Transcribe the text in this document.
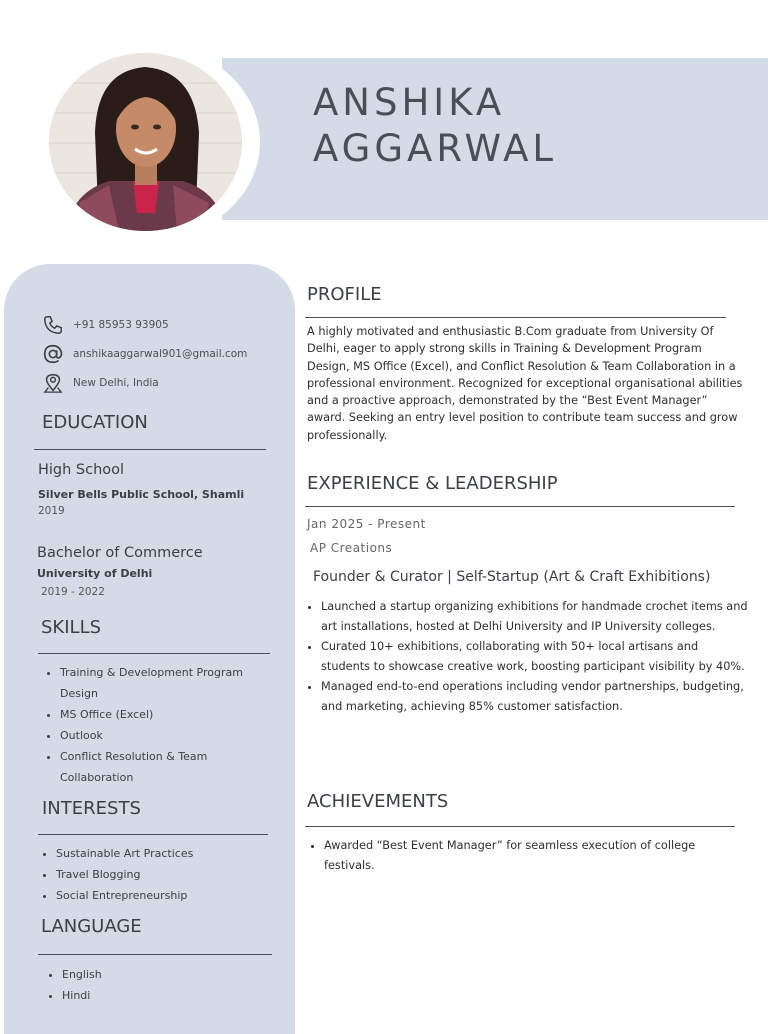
ANSHIKA
AGGARWAL
+91 85953 93905
anshikaaggarwal901@gmail.com
New Delhi, India
EDUCATION
High School
Silver Bells Public School, Shamli
2019
Bachelor of Commerce
University of Delhi
2019 - 2022
SKILLS
• Training & Development Program Design
• MS Office (Excel)
• Outlook
• Conflict Resolution & Team Collaboration
INTERESTS
• Sustainable Art Practices
• Travel Blogging
• Social Entrepreneurship
LANGUAGE
• English
• Hindi
PROFILE

A highly motivated and enthusiastic B.Com graduate from University Of Delhi, eager to apply strong skills in Training & Development Program Design, MS Office (Excel), and Conflict Resolution & Team Collaboration in a professional environment. Recognized for exceptional organisational abilities and a proactive approach, demonstrated by the “Best Event Manager” award. Seeking an entry level position to contribute team success and grow professionally.

EXPERIENCE & LEADERSHIP
Jan 2025 - Present
AP Creations
Founder & Curator | Self-Startup (Art & Craft Exhibitions)
• Launched a startup organizing exhibitions for handmade crochet items and art installations, hosted at Delhi University and IP University colleges.
• Curated 10+ exhibitions, collaborating with 50+ local artisans and students to showcase creative work, boosting participant visibility by 40%.
• Managed end-to-end operations including vendor partnerships, budgeting, and marketing, achieving 85% customer satisfaction.
ACHIEVEMENTS
• Awarded “Best Event Manager” for seamless execution of college festivals.
